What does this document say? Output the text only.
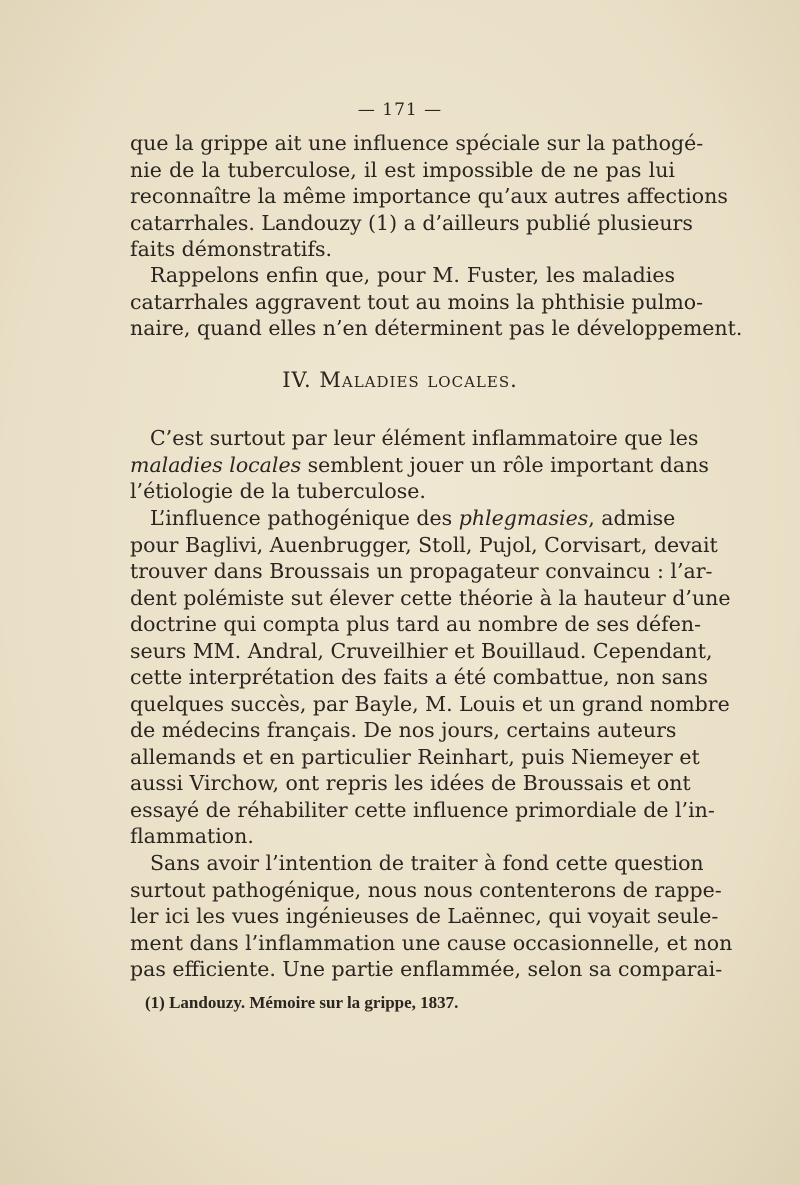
— 171 —
que la grippe ait une influence spéciale sur la pathogé-
nie de la tuberculose, il est impossible de ne pas lui
reconnaître la même importance qu’aux autres affections
catarrhales. Landouzy (1) a d’ailleurs publié plusieurs
faits démonstratifs.
Rappelons enfin que, pour M. Fuster, les maladies
catarrhales aggravent tout au moins la phthisie pulmo-
naire, quand elles n’en déterminent pas le développement.
IV. Maladies locales.
C’est surtout par leur élément inflammatoire que les
maladies locales semblent jouer un rôle important dans
l’étiologie de la tuberculose.
L’influence pathogénique des phlegmasies, admise
pour Baglivi, Auenbrugger, Stoll, Pujol, Corvisart, devait
trouver dans Broussais un propagateur convaincu : l’ar-
dent polémiste sut élever cette théorie à la hauteur d’une
doctrine qui compta plus tard au nombre de ses défen-
seurs MM. Andral, Cruveilhier et Bouillaud. Cependant,
cette interprétation des faits a été combattue, non sans
quelques succès, par Bayle, M. Louis et un grand nombre
de médecins français. De nos jours, certains auteurs
allemands et en particulier Reinhart, puis Niemeyer et
aussi Virchow, ont repris les idées de Broussais et ont
essayé de réhabiliter cette influence primordiale de l’in-
flammation.
Sans avoir l’intention de traiter à fond cette question
surtout pathogénique, nous nous contenterons de rappe-
ler ici les vues ingénieuses de Laënnec, qui voyait seule-
ment dans l’inflammation une cause occasionnelle, et non
pas efficiente. Une partie enflammée, selon sa comparai-
(1) Landouzy. Mémoire sur la grippe, 1837.
